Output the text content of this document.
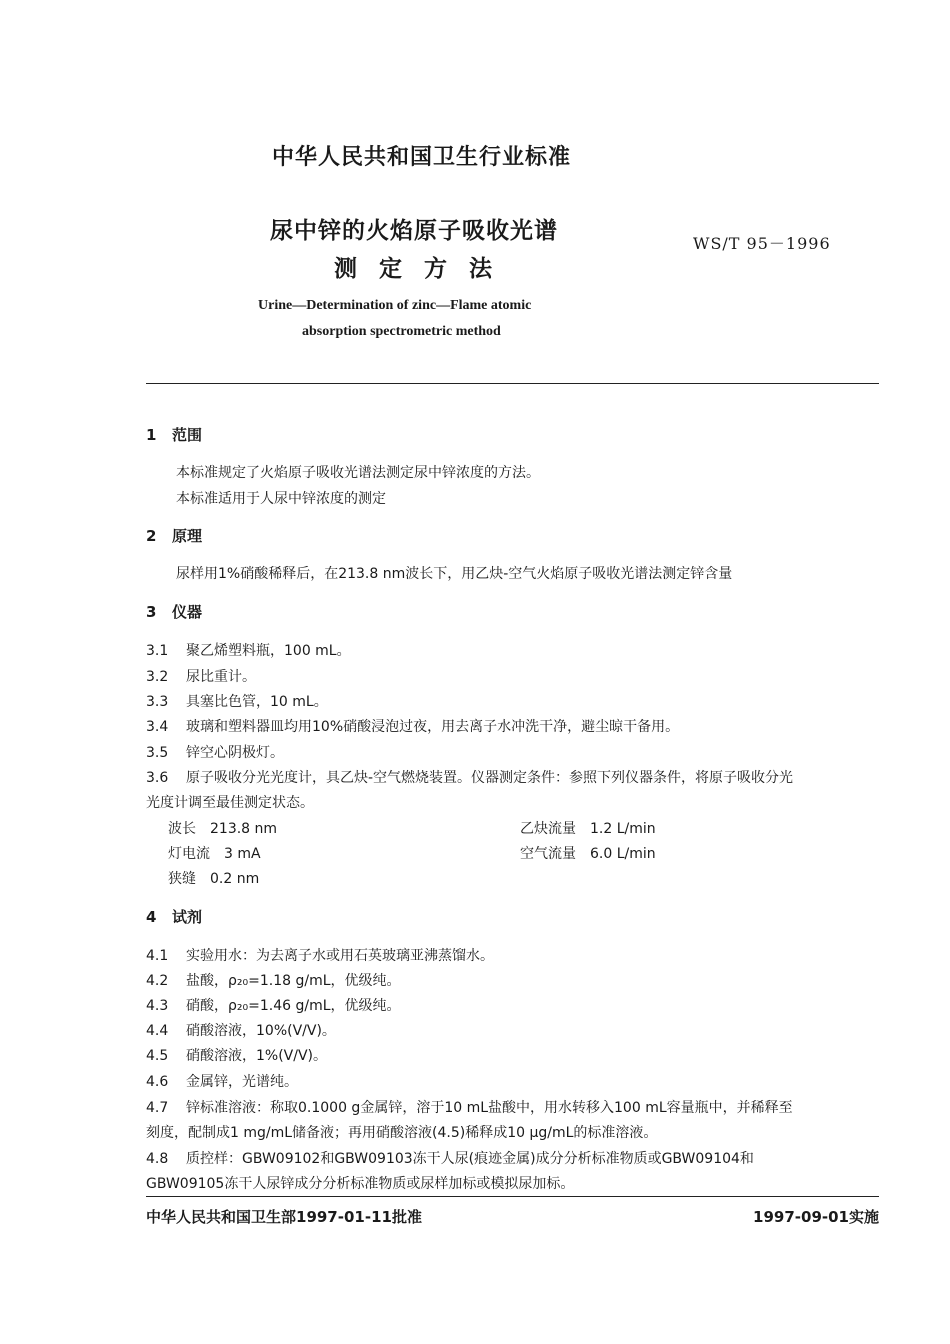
中华人民共和国卫生行业标准
尿中锌的火焰原子吸收光谱
测定方法
WS/T 95－1996
Urine—Determination of zinc—Flame atomic
absorption spectrometric method
1 范围
本标准规定了火焰原子吸收光谱法测定尿中锌浓度的方法。
本标准适用于人尿中锌浓度的测定
2 原理
尿样用1%硝酸稀释后，在213.8 nm波长下，用乙炔-空气火焰原子吸收光谱法测定锌含量
3 仪器
3.1 聚乙烯塑料瓶，100 mL。
3.2 尿比重计。
3.3 具塞比色管，10 mL。
3.4 玻璃和塑料器皿均用10%硝酸浸泡过夜，用去离子水冲洗干净，避尘晾干备用。
3.5 锌空心阴极灯。
3.6 原子吸收分光光度计，具乙炔-空气燃烧装置。仪器测定条件：参照下列仪器条件，将原子吸收分光
光度计调至最佳测定状态。
波长　213.8 nm
灯电流　3 mA
狭缝　0.2 nm
乙炔流量　1.2 L/min
空气流量　6.0 L/min
4 试剂
4.1 实验用水：为去离子水或用石英玻璃亚沸蒸馏水。
4.2 盐酸，ρ₂₀=1.18 g/mL，优级纯。
4.3 硝酸，ρ₂₀=1.46 g/mL，优级纯。
4.4 硝酸溶液，10%(V/V)。
4.5 硝酸溶液，1%(V/V)。
4.6 金属锌，光谱纯。
4.7 锌标准溶液：称取0.1000 g金属锌，溶于10 mL盐酸中，用水转移入100 mL容量瓶中，并稀释至
刻度，配制成1 mg/mL储备液；再用硝酸溶液(4.5)稀释成10 μg/mL的标准溶液。
4.8 质控样：GBW09102和GBW09103冻干人尿(痕迹金属)成分分析标准物质或GBW09104和
GBW09105冻干人尿锌成分分析标准物质或尿样加标或模拟尿加标。
中华人民共和国卫生部1997-01-11批准	1997-09-01实施
